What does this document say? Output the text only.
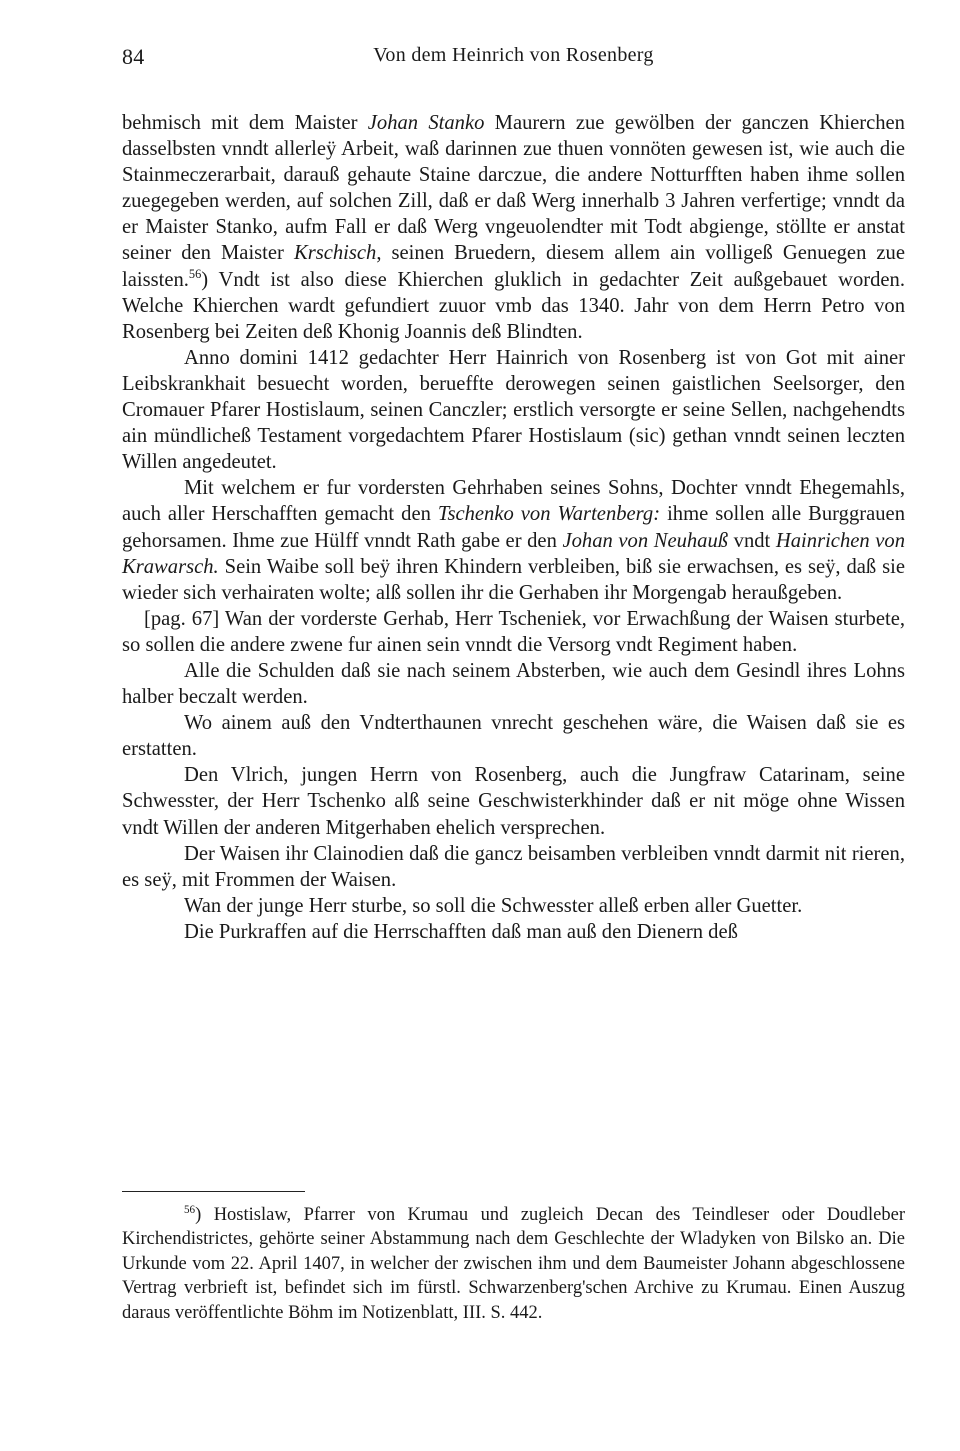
84	Von dem Heinrich von Rosenberg

behmisch mit dem Maister Johan Stanko Maurern zue gewölben der ganczen Khierchen dasselbsten vnndt allerleÿ Arbeit, waß darinnen zue thuen vonnöten gewesen ist, wie auch die Stainmeczerarbait, darauß gehaute Staine darczue, die andere Notturfften haben ihme sollen zuegegeben werden, auf solchen Zill, daß er daß Werg innerhalb 3 Jahren verfertige; vnndt da er Maister Stanko, aufm Fall er daß Werg vngeuolendter mit Todt abgienge, stöllte er anstat seiner den Maister Krschisch, seinen Bruedern, diesem allem ain volligeß Genuegen zue laissten.$^{56}$) Vndt ist also diese Khierchen gluklich in gedachter Zeit außgebauet worden. Welche Khierchen wardt gefundiert zuuor vmb das 1340. Jahr von dem Herrn Petro von Rosenberg bei Zeiten deß Khonig Joannis deß Blindten.

Anno domini 1412 gedachter Herr Hainrich von Rosenberg ist von Got mit ainer Leibskrankhait besuecht worden, berueffte derowegen seinen gaistlichen Seelsorger, den Cromauer Pfarer Hostislaum, seinen Canczler; erstlich versorgte er seine Sellen, nachgehendts ain mündlicheß Testament vorgedachtem Pfarer Hostislaum (sic) gethan vnndt seinen leczten Willen angedeutet.

Mit welchem er fur vordersten Gehrhaben seines Sohns, Dochter vnndt Ehegemahls, auch aller Herschafften gemacht den Tschenko von Wartenberg: ihme sollen alle Burggrauen gehorsamen. Ihme zue Hülff vnndt Rath gabe er den Johan von Neuhauß vndt Hainrichen von Krawarsch. Sein Waibe soll beÿ ihren Khindern verbleiben, biß sie erwachsen, es seÿ, daß sie wieder sich verhairaten wolte; alß sollen ihr die Gerhaben ihr Morgengab heraußgeben.

[pag. 67] Wan der vorderste Gerhab, Herr Tscheniek, vor Erwachßung der Waisen sturbete, so sollen die andere zwene fur ainen sein vnndt die Versorg vndt Regiment haben.

Alle die Schulden daß sie nach seinem Absterben, wie auch dem Gesindl ihres Lohns halber beczalt werden.

Wo ainem auß den Vndterthaunen vnrecht geschehen wäre, die Waisen daß sie es erstatten.

Den Vlrich, jungen Herrn von Rosenberg, auch die Jungfraw Catarinam, seine Schwesster, der Herr Tschenko alß seine Geschwisterkhinder daß er nit möge ohne Wissen vndt Willen der anderen Mitgerhaben ehelich versprechen.

Der Waisen ihr Clainodien daß die gancz beisamben verbleiben vnndt darmit nit rieren, es seÿ, mit Frommen der Waisen.

Wan der junge Herr sturbe, so soll die Schwesster alleß erben aller Guetter.

Die Purkraffen auf die Herrschafften daß man auß den Dienern deß

$^{56}$) Hostislaw, Pfarrer von Krumau und zugleich Decan des Teindleser oder Doudleber Kirchendistrictes, gehörte seiner Abstammung nach dem Geschlechte der Wladyken von Bilsko an. Die Urkunde vom 22. April 1407, in welcher der zwischen ihm und dem Baumeister Johann abgeschlossene Vertrag verbrieft ist, befindet sich im fürstl. Schwarzenberg'schen Archive zu Krumau. Einen Auszug daraus veröffentlichte Böhm im Notizenblatt, III. S. 442.
